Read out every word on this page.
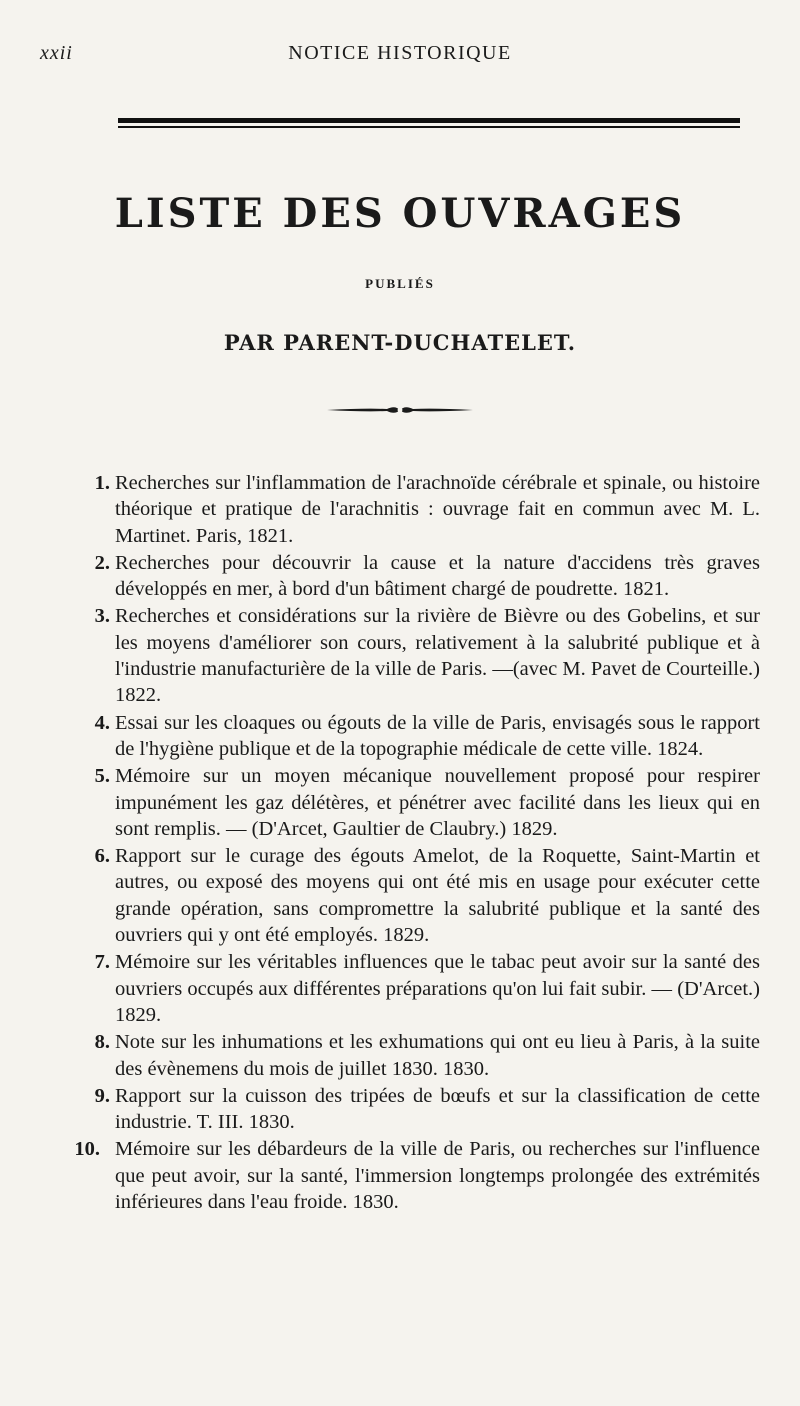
xxii	NOTICE HISTORIQUE
LISTE DES OUVRAGES
PUBLIÉS
PAR PARENT-DUCHATELET.
1. Recherches sur l'inflammation de l'arachnoïde cérébrale et spinale, ou histoire théorique et pratique de l'arachnitis : ouvrage fait en commun avec M. L. Martinet. Paris, 1821.
2. Recherches pour découvrir la cause et la nature d'accidens très graves développés en mer, à bord d'un bâtiment chargé de poudrette. 1821.
3. Recherches et considérations sur la rivière de Bièvre ou des Gobelins, et sur les moyens d'améliorer son cours, relativement à la salubrité publique et à l'industrie manufacturière de la ville de Paris. —(avec M. Pavet de Courteille.) 1822.
4. Essai sur les cloaques ou égouts de la ville de Paris, envisagés sous le rapport de l'hygiène publique et de la topographie médicale de cette ville. 1824.
5. Mémoire sur un moyen mécanique nouvellement proposé pour respirer impunément les gaz délétères, et pénétrer avec facilité dans les lieux qui en sont remplis. — (D'Arcet, Gaultier de Claubry.) 1829.
6. Rapport sur le curage des égouts Amelot, de la Roquette, Saint-Martin et autres, ou exposé des moyens qui ont été mis en usage pour exécuter cette grande opération, sans compromettre la salubrité publique et la santé des ouvriers qui y ont été employés. 1829.
7. Mémoire sur les véritables influences que le tabac peut avoir sur la santé des ouvriers occupés aux différentes préparations qu'on lui fait subir. — (D'Arcet.) 1829.
8. Note sur les inhumations et les exhumations qui ont eu lieu à Paris, à la suite des évènemens du mois de juillet 1830. 1830.
9. Rapport sur la cuisson des tripées de bœufs et sur la classification de cette industrie. T. III. 1830.
10. Mémoire sur les débardeurs de la ville de Paris, ou recherches sur l'influence que peut avoir, sur la santé, l'immersion longtemps prolongée des extrémités inférieures dans l'eau froide. 1830.
